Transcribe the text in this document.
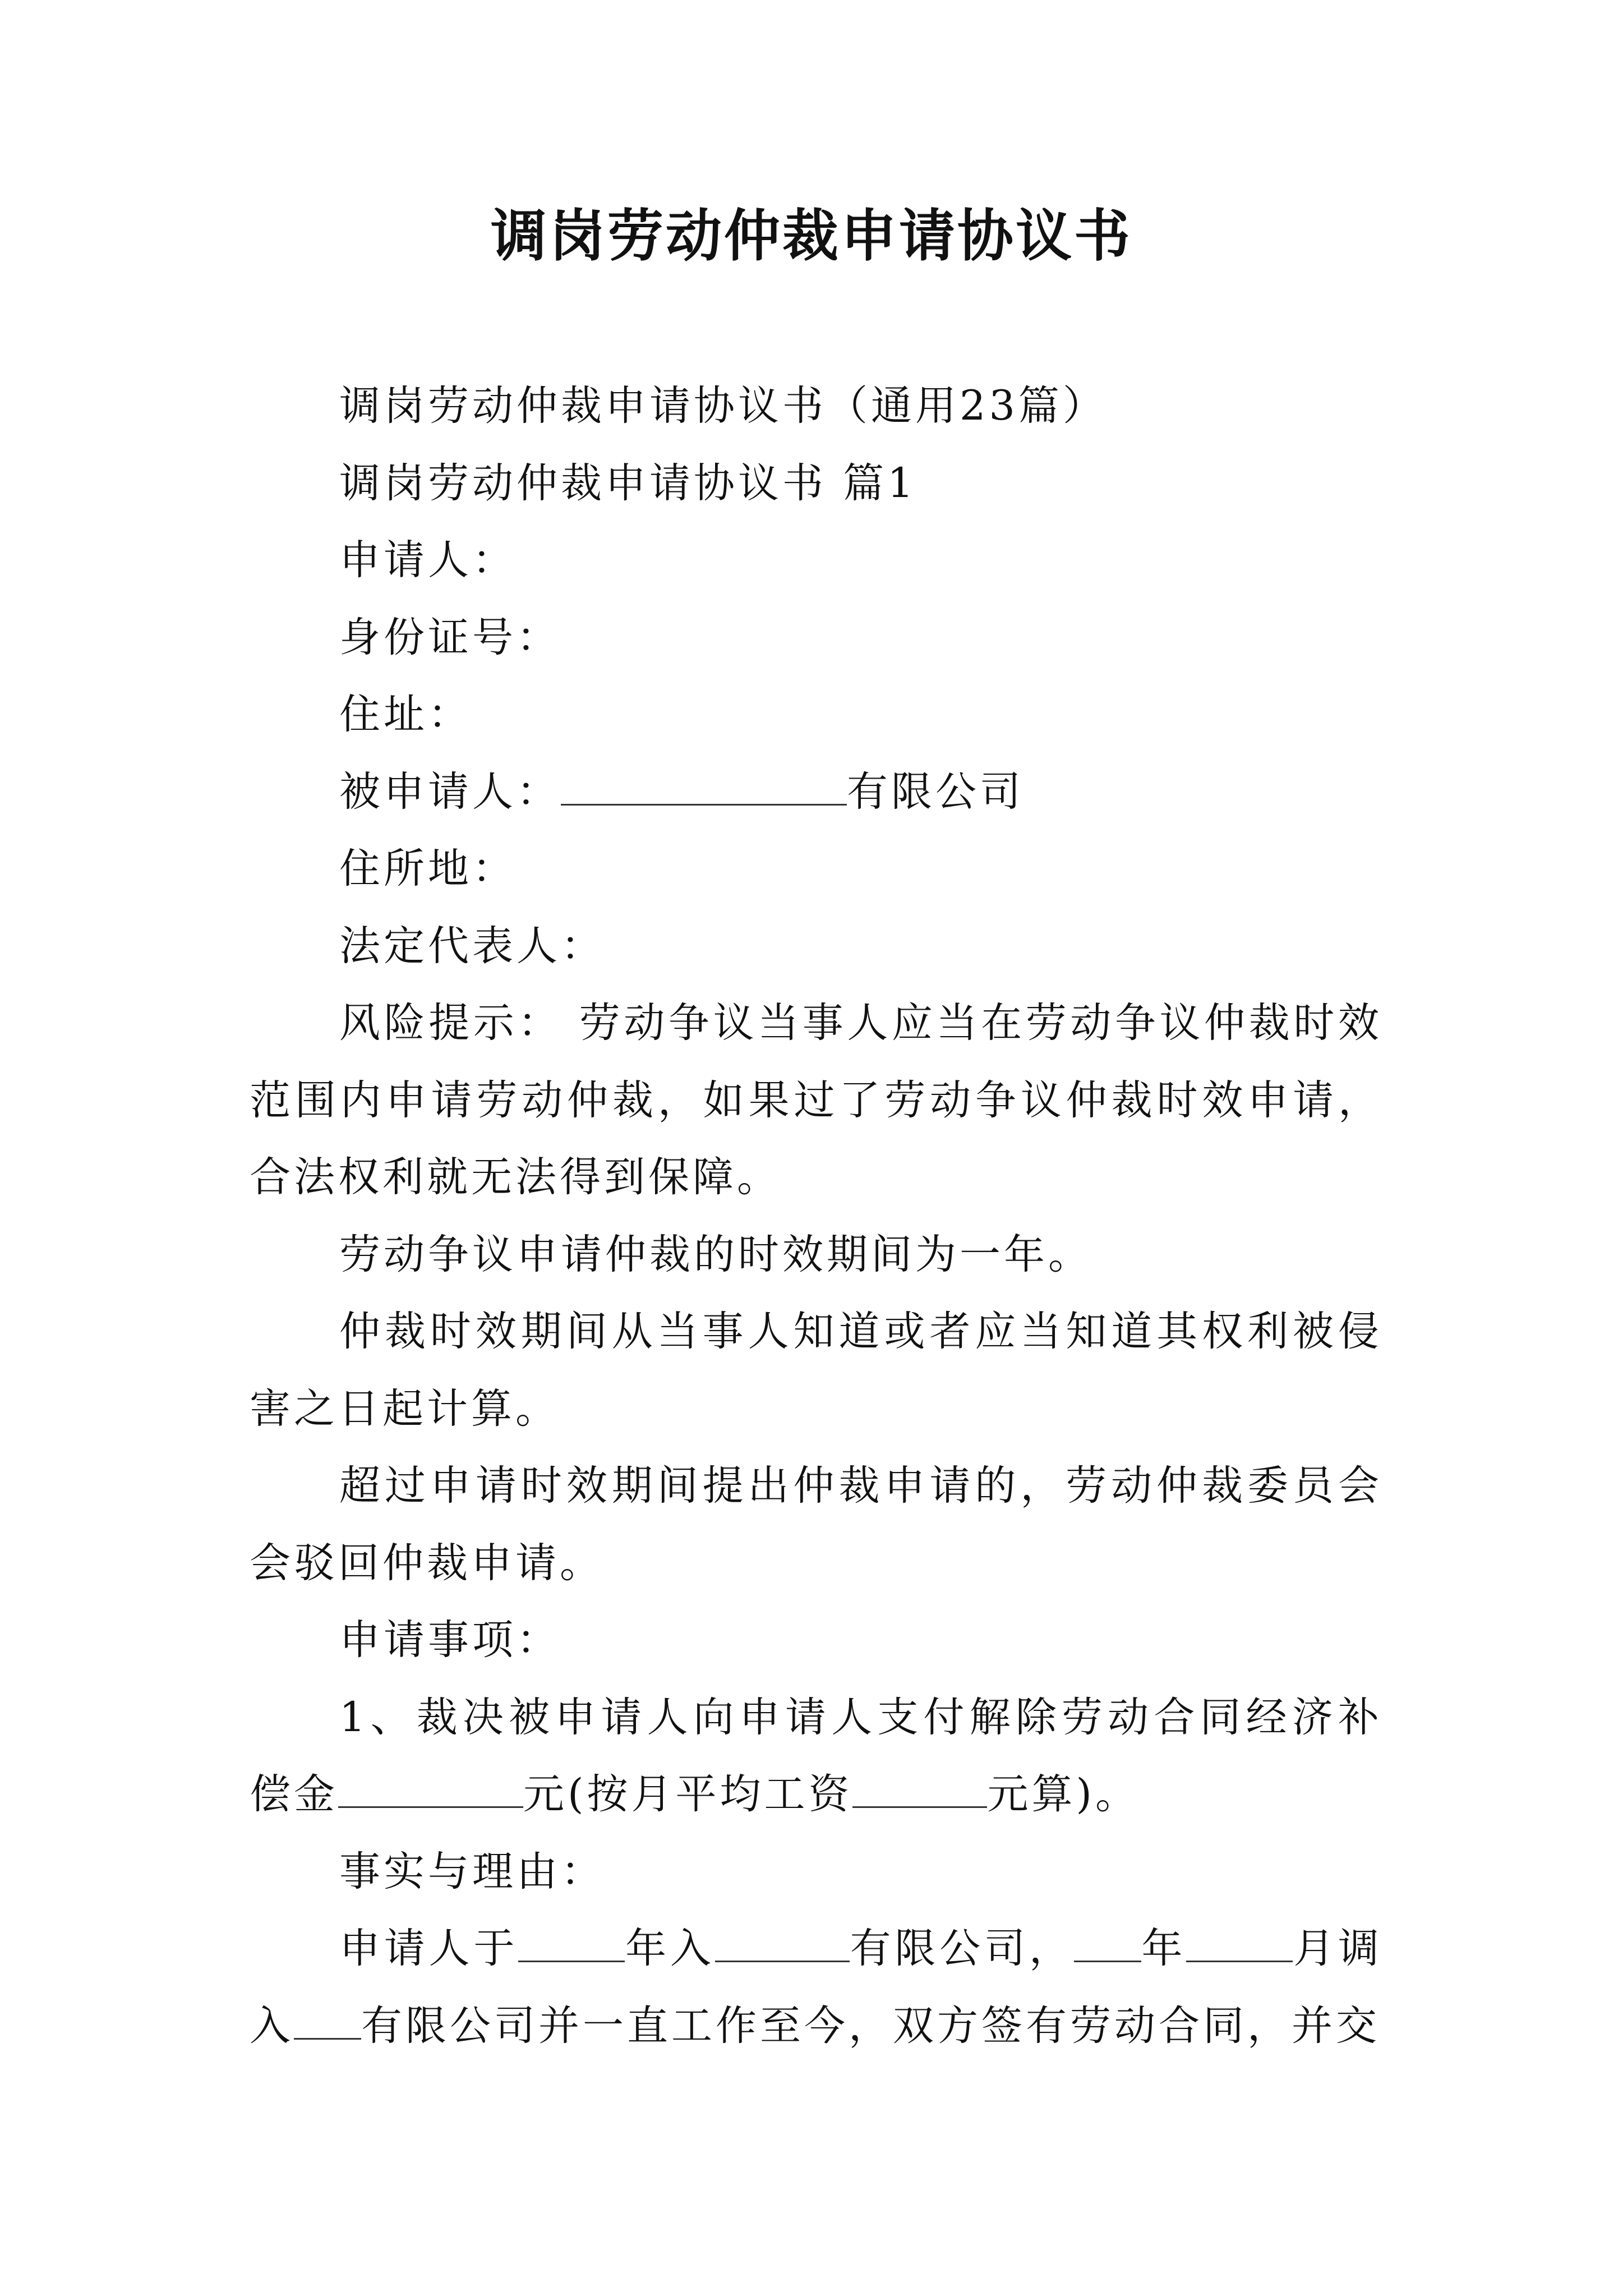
调岗劳动仲裁申请协议书

调岗劳动仲裁申请协议书（通用23篇）

调岗劳动仲裁申请协议书 篇1

申请人：

身份证号：

住址：

被申请人：	有限公司

住所地：

法定代表人：

风险提示： 劳动争议当事人应当在劳动争议仲裁时效范围内申请劳动仲裁，如果过了劳动争议仲裁时效申请，合法权利就无法得到保障。

劳动争议申请仲裁的时效期间为一年。

仲裁时效期间从当事人知道或者应当知道其权利被侵害之日起计算。

超过申请时效期间提出仲裁申请的，劳动仲裁委员会会驳回仲裁申请。

申请事项：

1、裁决被申请人向申请人支付解除劳动合同经济补偿金	元(按月平均工资	元算)。

事实与理由：

申请人于	年入	有限公司， 年	月调入 有限公司并一直工作至今，双方签有劳动合同，并交
